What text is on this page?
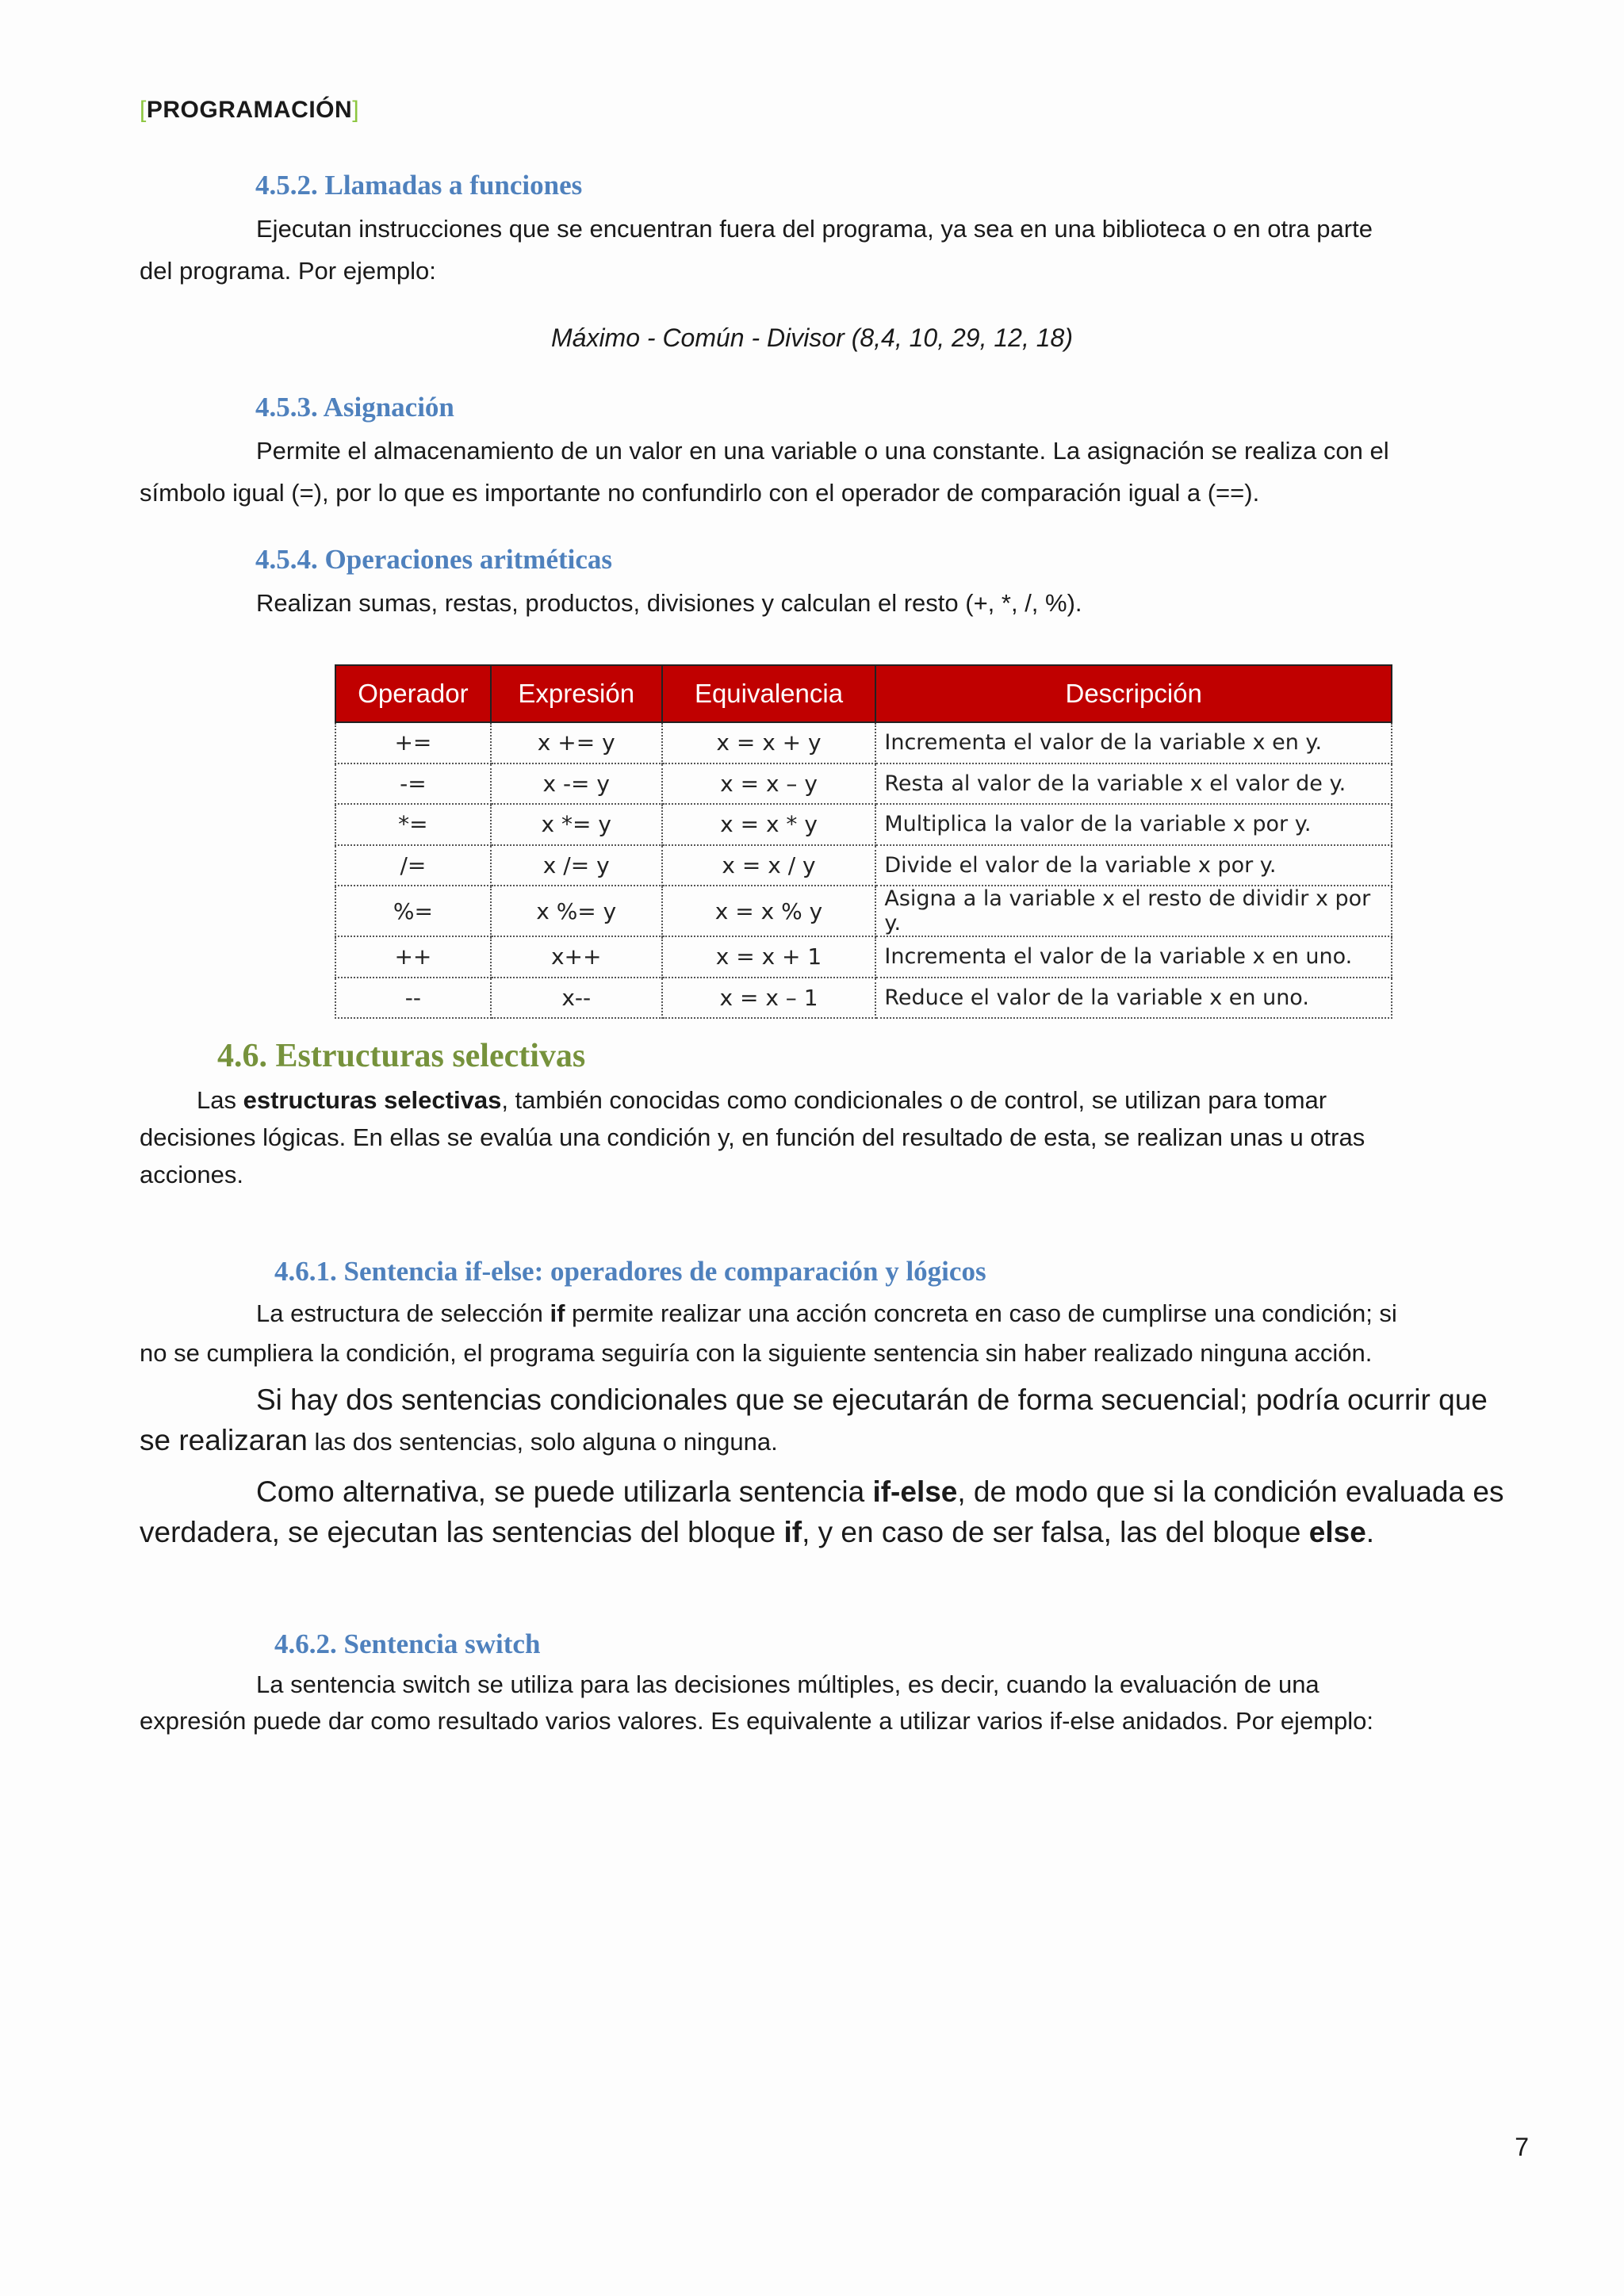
[PROGRAMACIÓN]
4.5.2. Llamadas a funciones

Ejecutan instrucciones que se encuentran fuera del programa, ya sea en una biblioteca o en otra parte

del programa. Por ejemplo:

Máximo - Común - Divisor (8,4, 10, 29, 12, 18)
4.5.3. Asignación

Permite el almacenamiento de un valor en una variable o una constante. La asignación se realiza con el

símbolo igual (=), por lo que es importante no confundirlo con el operador de comparación igual a (==).

4.5.4. Operaciones aritméticas

Realizan sumas, restas, productos, divisiones y calculan el resto (+, *, /, %).

Operador	Expresión	Equivalencia	Descripción
+=	x += y	x = x + y	Incrementa el valor de la variable x en y.
-=	x -= y	x = x – y	Resta al valor de la variable x el valor de y.
*=	x *= y	x = x * y	Multiplica la valor de la variable x por y.
/=	x /= y	x = x / y	Divide el valor de la variable x por y.
%=	x %= y	x = x % y	Asigna a la variable x el resto de dividir x por y.
++	x++	x = x + 1	Incrementa el valor de la variable x en uno.
--	x--	x = x – 1	Reduce el valor de la variable x en uno.
4.6. Estructuras selectivas

Las estructuras selectivas, también conocidas como condicionales o de control, se utilizan para tomar

decisiones lógicas. En ellas se evalúa una condición y, en función del resultado de esta, se realizan unas u otras

acciones.

4.6.1. Sentencia if-else: operadores de comparación y lógicos

La estructura de selección if permite realizar una acción concreta en caso de cumplirse una condición; si

no se cumpliera la condición, el programa seguiría con la siguiente sentencia sin haber realizado ninguna acción.

Si hay dos sentencias condicionales que se ejecutarán de forma secuencial; podría ocurrir que

se realizaran las dos sentencias, solo alguna o ninguna.

Como alternativa, se puede utilizarla sentencia if-else, de modo que si la condición evaluada es

verdadera, se ejecutan las sentencias del bloque if, y en caso de ser falsa, las del bloque else.

4.6.2. Sentencia switch

La sentencia switch se utiliza para las decisiones múltiples, es decir, cuando la evaluación de una

expresión puede dar como resultado varios valores. Es equivalente a utilizar varios if-else anidados. Por ejemplo:

7
